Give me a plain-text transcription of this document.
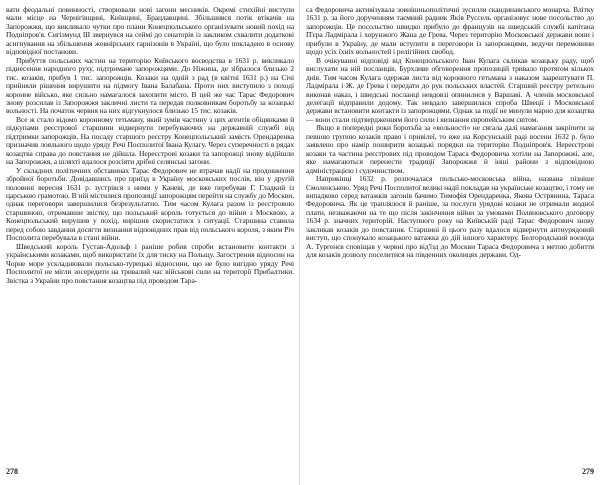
вати феодальні повинності, створювали нові загони месників. Окремі стихійні виступи мали місце на Чернігівщині, Київщині, Брацлавщині. Збільшився потік втікачів на Запорожжя, що викликало чутки про плани Конецпольського організувати новий похід на Подніпров'я. Сигізмунд III звернувся на сеймі до сенаторів із закликом схвалити додаткові асигнування на збільшення жовнірських гарнізонів в Україні, що було покладено в основу відповідної постанови.

Прибуття польських частин на територію Київського воєводства в 1631 р. викликало піднесення народного руху, підтримане запорожцями. До Ніжина, де зібралося близько 2 тис. козаків, прибув 1 тис. запорожців. Козаки на одній з рад (в квітні 1631 р.) на Січі прийняли рішення вирушити на підмогу Івана Балабана. Проти них виступило з поході коронне військо, яке сильно намагалося захопити місто. В цей же час Тарас Федорович знову розсилав із Запорожжя закличні листи та передав полковникам боротьбу за козацькі вольності. На початок червня на них відгукнулося близько 15 тис. козаків.

Все ж стало відомо коронному гетьману, який зумів частину з цих агентів обіцянками й підкупами реєстрової старшини відвернути перебуваючих на державній службі від підтримки запорожців. На посаду старшого реєстру Конецпольський замість Орендаренка призначив лояльного щодо уряду Речі Посполитої Івана Кулагу. Через суперечності в рядах козацтва справа до повстання не дійшла. Нереєстрові козаки та запорожці знову відійшли на Запорожжя, а шляхті вдалося розсіяти дрібні селянські загони.

У складних політичних обставинах Тарас Федорович не втрачав надії на продовження збройної боротьби. Довідавшись про приїзд в Україну московських послів, він у другій половині вересня 1631 р. зустрівся з ними у Каневі, де вже перебував Г. Гладкий із царською грамотою. В ній містилися пропозиції запорожцям перейти на службу до Москви, однак переговори завершилися безрезультатно. Тим часом Кулага разом із реєстровою старшиною, отримавши звістку, що польський король готується до війни з Москвою, а Конецпольський вирушив у похід, вирішив скористатися з ситуації. Старшина ставила перед собою завдання досягти визнання відповідних прав від польського короля, з яким Річ Посполита перебувала в стані війни.

Шведський король Густав-Адольф і раніше робив спроби встановити контакти з українськими козаками, щоб використати їх для тиску на Польщу. Загострення відносин на Чорне море ускладнювали польсько-турецькі відносини, що не було вигідно уряду Речі Посполитої не мігли зосередити на тривалий час військові сили на території Прибалтики. Звістка з України про повстання козацтва під проводом Тара-

278

са Федоровича активізувала зовнішньополітичні зусилля скандинавського монарха. Влітку 1631 р. за його дорученням таємний радник Яків Руссель організовує нове посольство до запорожців. Це посольство швидко прибуло до французів на шведській службі капітана П'єра Ладмірала і хорунжого Жана де Грева. Через територію Московської держави вони і прибули в Україну, де мали вступити в переговори із запорожцями, ведучи перемовини щодо усіх їхніх вольностей і релігійних свобод.

В очікуванні відповіді від Конецпольського Іван Кулага скликав козацьку раду, щоб вислухати на ній посланців. Бурхливе обговорення пропозицій тривало протягом кількох днів. Тим часом Кулага одержав листа від коронного гетьмана з наказом заарештувати П. Ладмірала і Ж. де Грева і передати до рук польських властей. Старший реєстру ретельно виконав наказ, і шведські посланці невдовзі опинилися у Варшаві. А членів московської делегації відправили додому. Так невдало завершилася спроба Швеції і Московської держави встановити контакти із запорожцями. Однак за події не минули марно для козацтва — вони стали підтвердженням його сили і визнання європейським світом.

Якщо в попередні роки боротьба за «вольності» не сягала далі намагання закріпити за певною групою козаків право і привілеї, то вже на Корсунській раді восени 1632 р. було заявлено про намір поширити козацькі порядки на територію Подніпров'я. Нереєстрові козаки та частина реєстрових під проводом Тараса Федоровича хотіли на Запорожжі, але, яке намагаються перенести традиції Запорожжя й інші райони з відповідною адміністрацією і судочинством.

Наприкінці 1632 р. розпочалася польсько-московська війна, названа пізніше Смоленською. Уряд Речі Посполитої великі надії покладав на українське козацтво, і тому не випадково серед ватажків загонів бачимо Тимофія Орендаренка, Якова Острянина, Тараса Федоровича. Як це траплялося й раніше, за послуги урядові козаки не отримали жодної плати, незважаючи на те що після закінчення війни за умовами Поляновського договору 1634 р. значних територій. Наступного року на Київській раді Тарас Федорович знову закликав козаків до повстання. Старшині й цього разу вдалося відвернути антиурядовий виступ, що спонукало козацького ватажка до дій іншого характеру. Белгородський воєвода А. Тургенєв сповіщав у червні про від'їзд до Москви Тараса Федоровича з метою добиття для козаків дозволу поселитися на південних околицях держави. Од-

279
